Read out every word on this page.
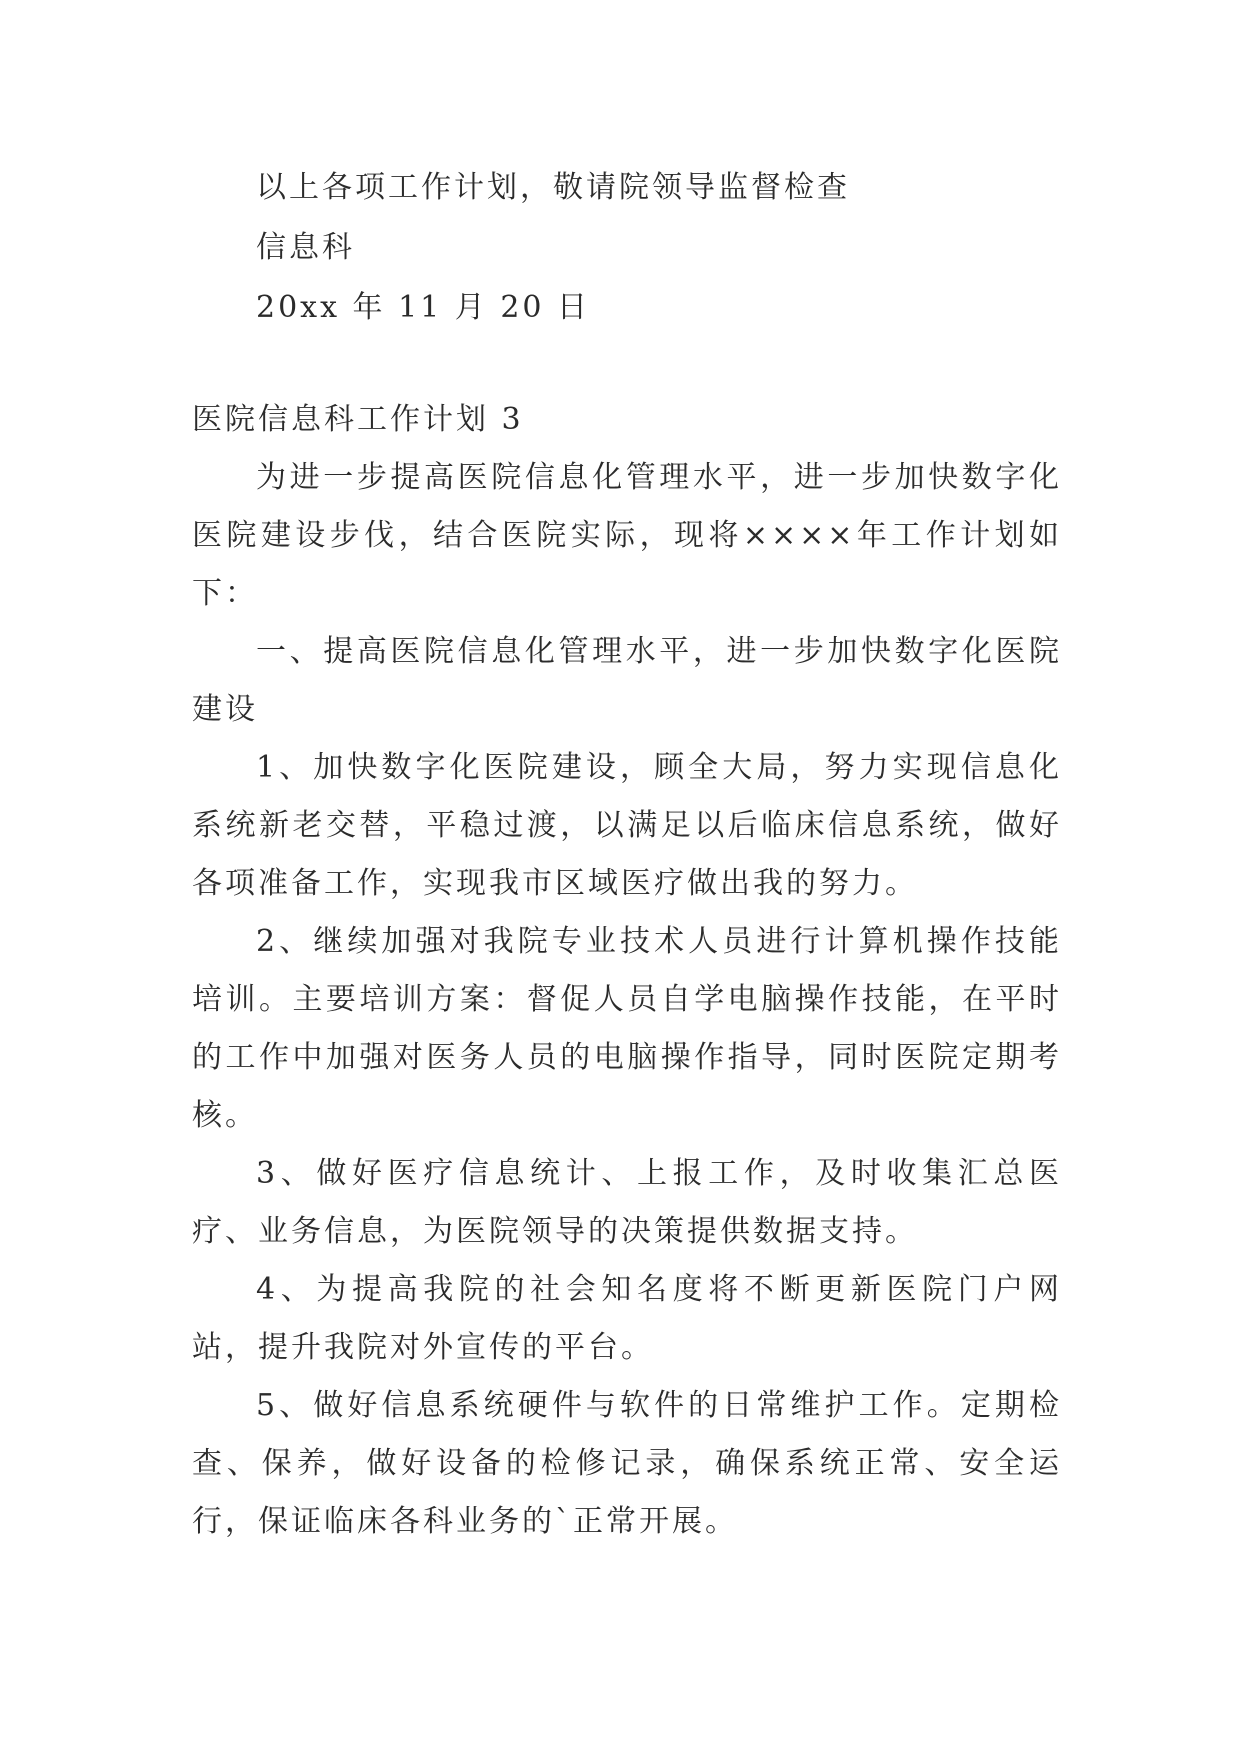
以上各项工作计划，敬请院领导监督检查

信息科

20xx 年 11 月 20 日

医院信息科工作计划 3

为进一步提高医院信息化管理水平，进一步加快数字化医院建设步伐，结合医院实际，现将××××年工作计划如下：

一、提高医院信息化管理水平，进一步加快数字化医院建设

1、加快数字化医院建设，顾全大局，努力实现信息化系统新老交替，平稳过渡，以满足以后临床信息系统，做好各项准备工作，实现我市区域医疗做出我的努力。

2、继续加强对我院专业技术人员进行计算机操作技能培训。主要培训方案：督促人员自学电脑操作技能，在平时的工作中加强对医务人员的电脑操作指导，同时医院定期考核。

3、做好医疗信息统计、上报工作，及时收集汇总医疗、业务信息，为医院领导的决策提供数据支持。

4、为提高我院的社会知名度将不断更新医院门户网站，提升我院对外宣传的平台。

5、做好信息系统硬件与软件的日常维护工作。定期检查、保养，做好设备的检修记录，确保系统正常、安全运行，保证临床各科业务的`正常开展。
